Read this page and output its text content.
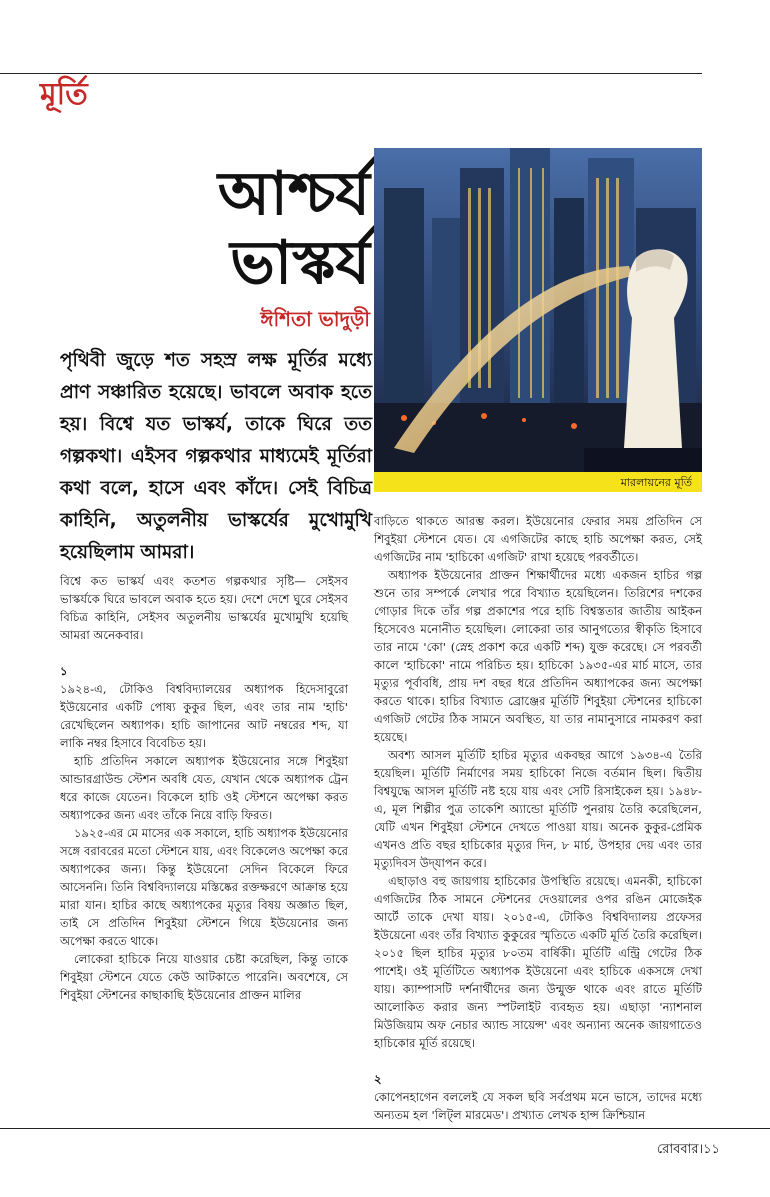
মূর্তি
আশ্চর্য
ভাস্কর্য
ঈশিতা ভাদুড়ী
পৃথিবী জুড়ে শত সহস্র লক্ষ মূর্তির মধ্যে প্রাণ সঞ্চারিত হয়েছে। ভাবলে অবাক হতে হয়। বিশ্বে যত ভাস্কর্য, তাকে ঘিরে তত গল্পকথা। এইসব গল্পকথার মাধ্যমেই মূর্তিরা কথা বলে, হাসে এবং কাঁদে। সেই বিচিত্র কাহিনি, অতুলনীয় ভাস্কর্যের মুখোমুখি হয়েছিলাম আমরা।
মারলায়নের মূর্তি

বিশ্বে কত ভাস্কর্য এবং কতশত গল্পকথার সৃষ্টি— সেইসব ভাস্কর্যকে ঘিরে ভাবলে অবাক হতে হয়। দেশে দেশে ঘুরে সেইসব বিচিত্র কাহিনি, সেইসব অতুলনীয় ভাস্কর্যের মুখোমুখি হয়েছি আমরা অনেকবার।

১

১৯২৪-এ, টোকিও বিশ্ববিদ্যালয়ের অধ্যাপক হিদেসাবুরো ইউয়েনোর একটি পোষ্য কুকুর ছিল, এবং তার নাম 'হাচি' রেখেছিলেন অধ্যাপক। হাচি জাপানের আট নম্বরের শব্দ, যা লাকি নম্বর হিসাবে বিবেচিত হয়।

হাচি প্রতিদিন সকালে অধ্যাপক ইউয়েনোর সঙ্গে শিবুইয়া আন্ডারগ্রাউন্ড স্টেশন অবধি যেত, যেখান থেকে অধ্যাপক ট্রেন ধরে কাজে যেতেন। বিকেলে হাচি ওই স্টেশনে অপেক্ষা করত অধ্যাপকের জন্য এবং তাঁকে নিয়ে বাড়ি ফিরত।

১৯২৫-এর মে মাসের এক সকালে, হাচি অধ্যাপক ইউয়েনোর সঙ্গে বরাবরের মতো স্টেশনে যায়, এবং বিকেলেও অপেক্ষা করে অধ্যাপকের জন্য। কিন্তু ইউয়েনো সেদিন বিকেলে ফিরে আসেননি। তিনি বিশ্ববিদ্যালয়ে মস্তিষ্কের রক্তক্ষরণে আক্রান্ত হয়ে মারা যান। হাচির কাছে অধ্যাপকের মৃত্যুর বিষয় অজ্ঞাত ছিল, তাই সে প্রতিদিন শিবুইয়া স্টেশনে গিয়ে ইউয়েনোর জন্য অপেক্ষা করতে থাকে।

লোকেরা হাচিকে নিয়ে যাওয়ার চেষ্টা করেছিল, কিন্তু তাকে শিবুইয়া স্টেশনে যেতে কেউ আটকাতে পারেনি। অবশেষে, সে শিবুইয়া স্টেশনের কাছাকাছি ইউয়েনোর প্রাক্তন মালির

বাড়িতে থাকতে আরম্ভ করল। ইউয়েনোর ফেরার সময় প্রতিদিন সে শিবুইয়া স্টেশনে যেত। যে এগজিটের কাছে হাচি অপেক্ষা করত, সেই এগজিটের নাম 'হাচিকো এগজিট' রাখা হয়েছে পরবর্তীতে।

অধ্যাপক ইউয়েনোর প্রাক্তন শিক্ষার্থীদের মধ্যে একজন হাচির গল্প শুনে তার সম্পর্কে লেখার পরে বিখ্যাত হয়েছিলেন। তিরিশের দশকের গোড়ার দিকে তাঁর গল্প প্রকাশের পরে হাচি বিশ্বস্ততার জাতীয় আইকন হিসেবেও মনোনীত হয়েছিল। লোকেরা তার আনুগত্যের স্বীকৃতি হিসাবে তার নামে 'কো' (স্নেহ প্রকাশ করে একটি শব্দ) যুক্ত করেছে। সে পরবর্তী কালে 'হাচিকো' নামে পরিচিত হয়। হাচিকো ১৯৩৫-এর মার্চ মাসে, তার মৃত্যুর পূর্বাবধি, প্রায় দশ বছর ধরে প্রতিদিন অধ্যাপকের জন্য অপেক্ষা করতে থাকে। হাচির বিখ্যাত ব্রোঞ্জের মূর্তিটি শিবুইয়া স্টেশনের হাচিকো এগজিট গেটের ঠিক সামনে অবস্থিত, যা তার নামানুসারে নামকরণ করা হয়েছে।

অবশ্য আসল মূর্তিটি হাচির মৃত্যুর একবছর আগে ১৯৩৪-এ তৈরি হয়েছিল। মূর্তিটি নির্মাণের সময় হাচিকো নিজে বর্তমান ছিল। দ্বিতীয় বিশ্বযুদ্ধে আসল মূর্তিটি নষ্ট হয়ে যায় এবং সেটি রিসাইকেল হয়। ১৯৪৮-এ, মূল শিল্পীর পুত্র তাকেশি অ্যান্ডো মূর্তিটি পুনরায় তৈরি করেছিলেন, যেটি এখন শিবুইয়া স্টেশনে দেখতে পাওয়া যায়। অনেক কুকুর-প্রেমিক এখনও প্রতি বছর হাচিকোর মৃত্যুর দিন, ৮ মার্চ, উপহার দেয় এবং তার মৃত্যুদিবস উদ্‌যাপন করে।

এছাড়াও বহু জায়গায় হাচিকোর উপস্থিতি রয়েছে। এমনকী, হাচিকো এগজিটের ঠিক সামনে স্টেশনের দেওয়ালের ওপর রঙিন মোজেইক আর্টে তাকে দেখা যায়। ২০১৫-এ, টোকিও বিশ্ববিদ্যালয় প্রফেসর ইউয়েনো এবং তাঁর বিখ্যাত কুকুরের স্মৃতিতে একটি মূর্তি তৈরি করেছিল। ২০১৫ ছিল হাচির মৃত্যুর ৮০তম বার্ষিকী। মূর্তিটি এন্ট্রি গেটের ঠিক পাশেই। ওই মূর্তিটিতে অধ্যাপক ইউয়েনো এবং হাচিকে একসঙ্গে দেখা যায়। ক্যাম্পাসটি দর্শনার্থীদের জন্য উন্মুক্ত থাকে এবং রাতে মূর্তিটি আলোকিত করার জন্য স্পটলাইট ব্যবহৃত হয়। এছাড়া 'ন্যাশনাল মিউজিয়াম অফ নেচার অ্যান্ড সায়েন্স' এবং অন্যান্য অনেক জায়গাতেও হাচিকোর মূর্তি রয়েছে।

২

কোপেনহাগেন বললেই যে সকল ছবি সর্বপ্রথম মনে ভাসে, তাদের মধ্যে অন্যতম হল 'লিট্‌ল মারমেড'। প্রখ্যাত লেখক হান্স ক্রিশ্চিয়ান

রোববার।১১
